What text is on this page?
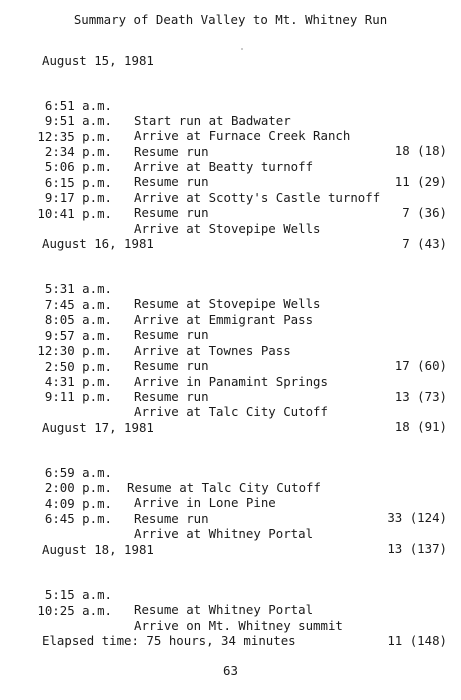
Summary of Death Valley to Mt. Whitney Run
August 15, 1981

6:51 a.m.

Start run at Badwater

9:51 a.m.

Arrive at Furnace Creek Ranch

18 (18)

12:35 p.m.

Resume run

2:34 p.m.

Arrive at Beatty turnoff

11 (29)

5:06 p.m.

Resume run

6:15 p.m.

Arrive at Scotty's Castle turnoff

7 (36)

9:17 p.m.

Resume run

10:41 p.m.

Arrive at Stovepipe Wells

7 (43)

August 16, 1981

5:31 a.m.

Resume at Stovepipe Wells

7:45 a.m.

Arrive at Emmigrant Pass

8:05 a.m.

Resume run

9:57 a.m.

Arrive at Townes Pass

17 (60)

12:30 p.m.

Resume run

2:50 p.m.

Arrive in Panamint Springs

13 (73)

4:31 p.m.

Resume run

9:11 p.m.

Arrive at Talc City Cutoff

18 (91)

August 17, 1981

6:59 a.m.

Resume at Talc City Cutoff

2:00 p.m.

Arrive in Lone Pine

33 (124)

4:09 p.m.

Resume run

6:45 p.m.

Arrive at Whitney Portal

13 (137)

August 18, 1981

5:15 a.m.

Resume at Whitney Portal

10:25 a.m.

Arrive on Mt. Whitney summit

11 (148)

Elapsed time: 75 hours, 34 minutes
63
